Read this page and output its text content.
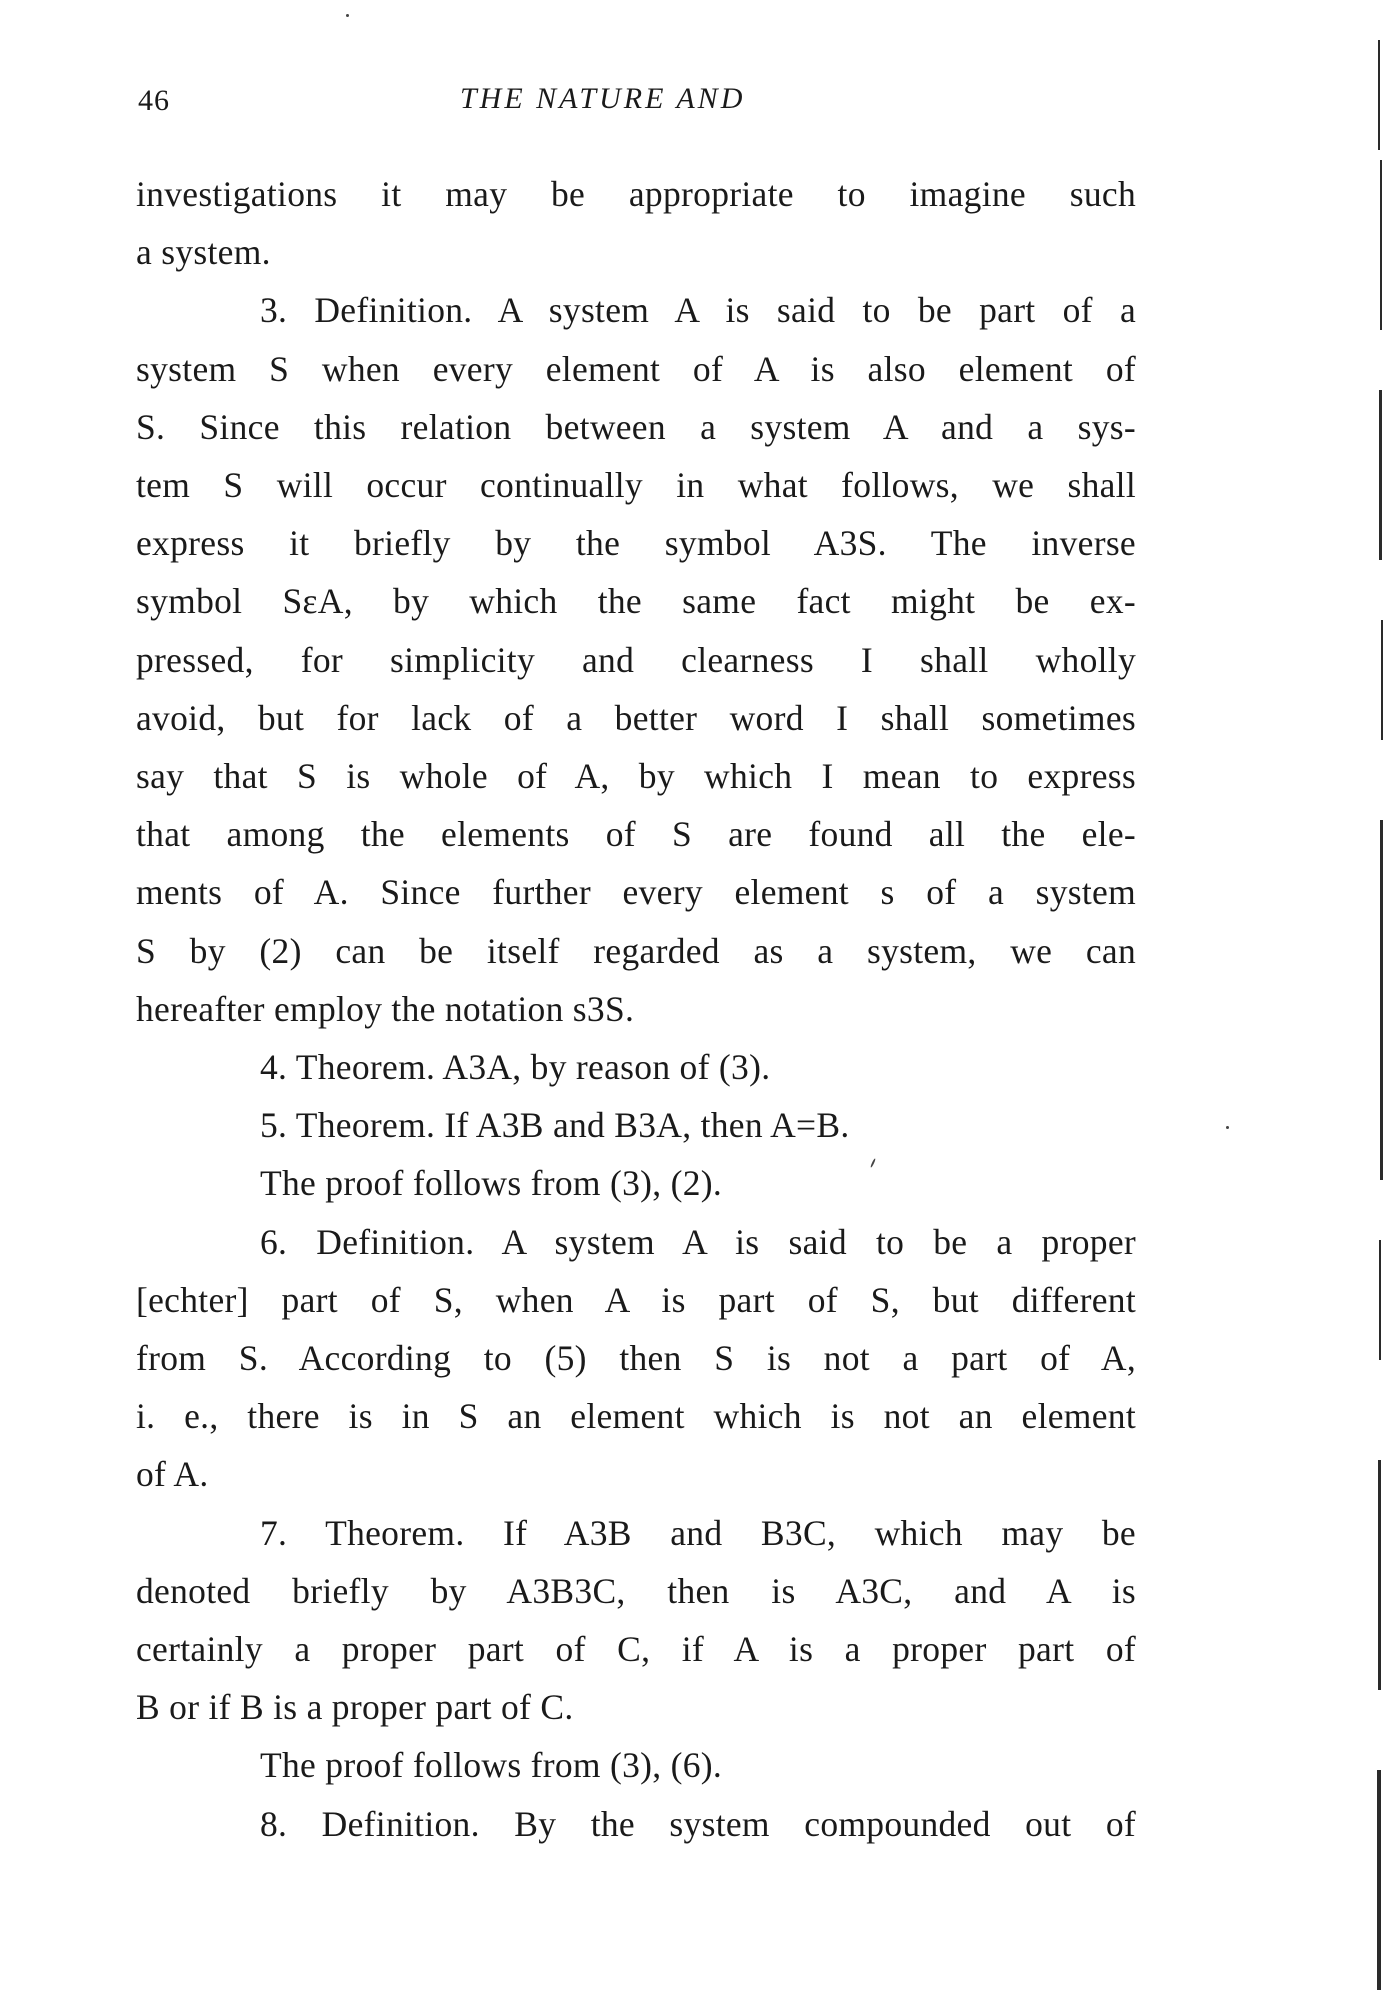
46	THE NATURE AND
investigations it may be appropriate to imagine such
a system.
3. Definition. A system A is said to be part of a
system S when every element of A is also element of
S. Since this relation between a system A and a sys-
tem S will occur continually in what follows, we shall
express it briefly by the symbol A3S. The inverse
symbol SεA, by which the same fact might be ex-
pressed, for simplicity and clearness I shall wholly
avoid, but for lack of a better word I shall sometimes
say that S is whole of A, by which I mean to express
that among the elements of S are found all the ele-
ments of A. Since further every element s of a system
S by (2) can be itself regarded as a system, we can
hereafter employ the notation s3S.
4. Theorem. A3A, by reason of (3).
5. Theorem. If A3B and B3A, then A=B.
The proof follows from (3), (2).
6. Definition. A system A is said to be a proper
[echter] part of S, when A is part of S, but different
from S. According to (5) then S is not a part of A,
i. e., there is in S an element which is not an element
of A.
7. Theorem. If A3B and B3C, which may be
denoted briefly by A3B3C, then is A3C, and A is
certainly a proper part of C, if A is a proper part of
B or if B is a proper part of C.
The proof follows from (3), (6).
8. Definition. By the system compounded out of
